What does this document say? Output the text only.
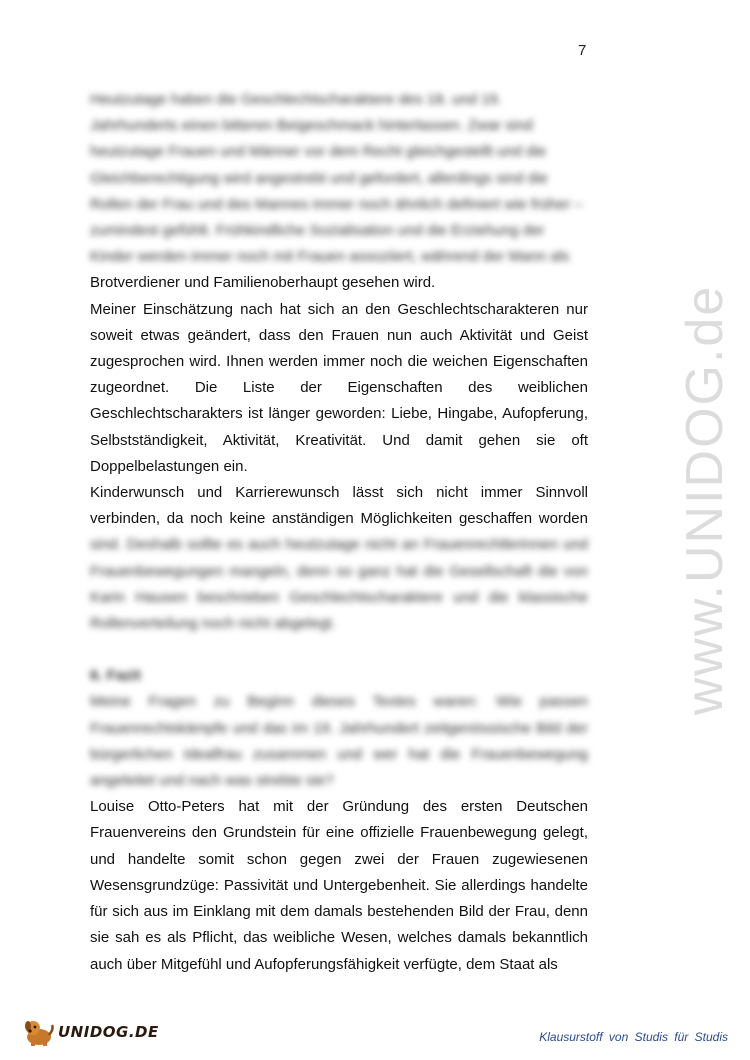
7
www.UNIDOG.de

Heutzutage haben die Geschlechtscharaktere des 18. und 19.
Jahrhunderts einen bitteren Beigeschmack hinterlassen. Zwar sind
heutzutage Frauen und Männer vor dem Recht gleichgestellt und die
Gleichberechtigung wird angestrebt und gefordert, allerdings sind die
Rollen der Frau und des Mannes immer noch ähnlich definiert wie früher –
zumindest gefühlt. Frühkindliche Sozialisation und die Erziehung der
Kinder werden immer noch mit Frauen assoziiert, während der Mann als
Brotverdiener und Familienoberhaupt gesehen wird.

Meiner Einschätzung nach hat sich an den Geschlechtscharakteren nur soweit etwas geändert, dass den Frauen nun auch Aktivität und Geist zugesprochen wird. Ihnen werden immer noch die weichen Eigenschaften zugeordnet. Die Liste der Eigenschaften des weiblichen Geschlechtscharakters ist länger geworden: Liebe, Hingabe, Aufopferung, Selbstständigkeit, Aktivität, Kreativität. Und damit gehen sie oft Doppelbelastungen ein.

Kinderwunsch und Karrierewunsch lässt sich nicht immer Sinnvoll verbinden, da noch keine anständigen Möglichkeiten geschaffen worden sind. Deshalb sollte es auch heutzutage nicht an Frauenrechtlerinnen und Frauenbewegungen mangeln, denn so ganz hat die Gesellschaft die von Karin Hausen beschrieben Geschlechtscharaktere und die klassische Rollenverteilung noch nicht abgelegt.

6. Fazit

Meine Fragen zu Beginn dieses Textes waren: Wie passen Frauenrechtskämpfe und das im 19. Jahrhundert zeitgenössische Bild der bürgerlichen Idealfrau zusammen und wer hat die Frauenbewegung angeleitet und nach was strebte sie?

Louise Otto-Peters hat mit der Gründung des ersten Deutschen Frauenvereins den Grundstein für eine offizielle Frauenbewegung gelegt, und handelte somit schon gegen zwei der Frauen zugewiesenen Wesensgrundzüge: Passivität und Untergebenheit. Sie allerdings handelte für sich aus im Einklang mit dem damals bestehenden Bild der Frau, denn sie sah es als Pflicht, das weibliche Wesen, welches damals bekanntlich auch über Mitgefühl und Aufopferungsfähigkeit verfügte, dem Staat als

UNIDOG.DE	Klausurstoff von Studis für Studis
